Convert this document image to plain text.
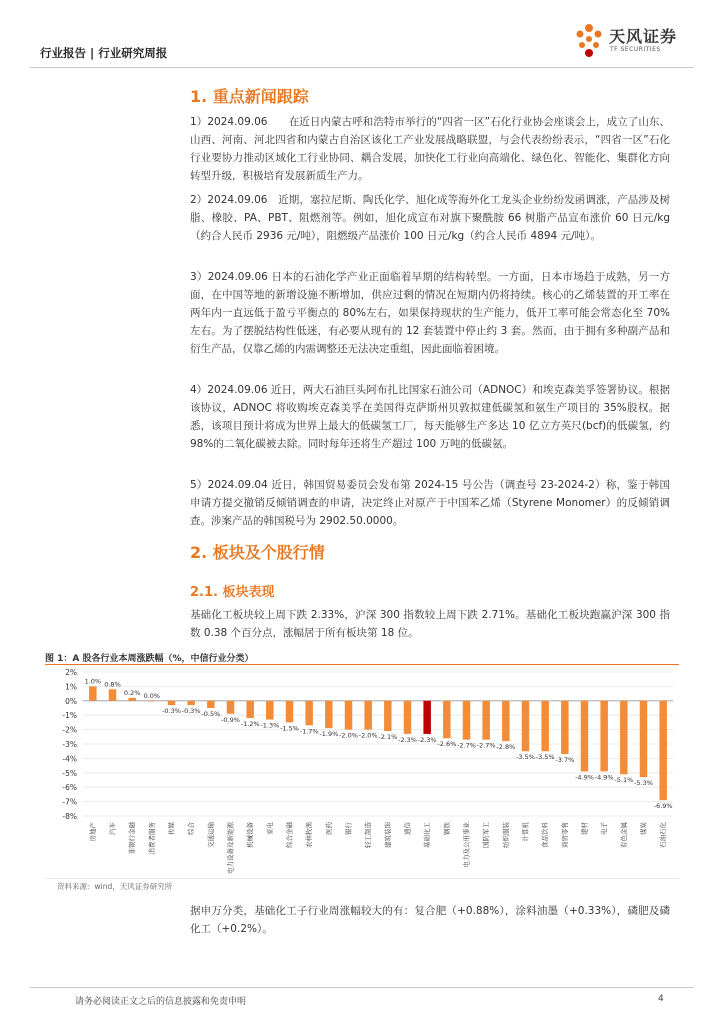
行业报告 | 行业研究周报
天风证券
TF SECURITIES
1. 重点新闻跟踪
1）2024.09.06　　在近日内蒙古呼和浩特市举行的“四省一区”石化行业协会座谈会上，成立了山东、山西、河南、河北四省和内蒙古自治区该化工产业发展战略联盟，与会代表纷纷表示，“四省一区”石化行业要协力推动区域化工行业协同、耦合发展，加快化工行业向高端化、绿色化、智能化、集群化方向转型升级，积极培育发展新质生产力。
2）2024.09.06　近期，塞拉尼斯、陶氏化学、旭化成等海外化工龙头企业纷纷发函调涨，产品涉及树脂、橡胶、PA、PBT、阻燃剂等。例如，旭化成宣布对旗下聚酰胺 66 树脂产品宣布涨价 60 日元/kg（约合人民币 2936 元/吨），阻燃级产品涨价 100 日元/kg（约合人民币 4894 元/吨）。
3）2024.09.06 日本的石油化学产业正面临着早期的结构转型。一方面，日本市场趋于成熟，另一方面，在中国等地的新增设施不断增加，供应过剩的情况在短期内仍将持续。核心的乙烯装置的开工率在两年内一直远低于盈亏平衡点的 80%左右，如果保持现状的生产能力，低开工率可能会常态化至 70%左右。为了摆脱结构性低迷，有必要从现有的 12 套装置中停止约 3 套。然而，由于拥有多种副产品和衍生产品，仅靠乙烯的内需调整还无法决定重组，因此面临着困境。
4）2024.09.06 近日，两大石油巨头阿布扎比国家石油公司（ADNOC）和埃克森美孚签署协议。根据该协议，ADNOC 将收购埃克森美孚在美国得克萨斯州贝敦拟建低碳氢和氨生产项目的 35%股权。据悉，该项目预计将成为世界上最大的低碳氢工厂，每天能够生产多达 10 亿立方英尺(bcf)的低碳氢，约 98%的二氧化碳被去除。同时每年还将生产超过 100 万吨的低碳氨。
5）2024.09.04 近日，韩国贸易委员会发布第 2024-15 号公告（调查号 23-2024-2）称，鉴于韩国申请方提交撤销反倾销调查的申请，决定终止对原产于中国苯乙烯（Styrene Monomer）的反倾销调查。涉案产品的韩国税号为 2902.50.0000。
2. 板块及个股行情
2.1. 板块表现
基础化工板块较上周下跌 2.33%，沪深 300 指数较上周下跌 2.71%。基础化工板块跑赢沪深 300 指数 0.38 个百分点，涨幅居于所有板块第 18 位。
图 1：A 股各行业本周涨跌幅（%，中信行业分类）
2%
1%
0%
-1%
-2%
-3%
-4%
-5%
-6%
-7%
-8%
1.0% 0.8%
0.2% 0.0%
-0.3% -0.3% -0.5%
-0.9%
-1.2% -1.3% -1.5% -1.7% -1.9% -2.0% -2.0% -2.1% -2.3% -2.3%
-2.6% -2.7% -2.7% -2.8%
-3.5% -3.5% -3.7%
-4.9% -4.9% -5.1% -5.3%
-6.9%
房地产 汽车 非银行金融 消费者服务 传媒 综合 交通运输 电力设备及新能源 机械设备 家电 综合金融 农林牧渔 医药 银行 轻工制造 建筑装饰 通信 基础化工 钢铁 电力及公用事业 国防军工 纺织服装 计算机 食品饮料 商贸零售 建材 电子 有色金属 煤炭 石油石化
资料来源：wind，天风证券研究所
据申万分类，基础化工子行业周涨幅较大的有：复合肥（+0.88%），涂料油墨（+0.33%），磷肥及磷化工（+0.2%）。
请务必阅读正文之后的信息披露和免责申明	4
